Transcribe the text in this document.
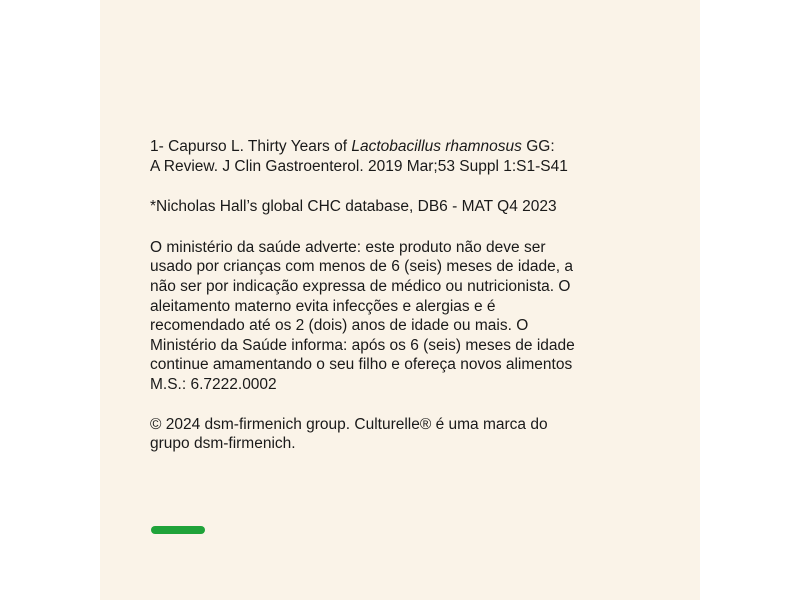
1- Capurso L. Thirty Years of Lactobacillus rhamnosus GG:
A Review. J Clin Gastroenterol. 2019 Mar;53 Suppl 1:S1-S41

*Nicholas Hall’s global CHC database, DB6 - MAT Q4 2023

O ministério da saúde adverte: este produto não deve ser
usado por crianças com menos de 6 (seis) meses de idade, a
não ser por indicação expressa de médico ou nutricionista. O
aleitamento materno evita infecções e alergias e é
recomendado até os 2 (dois) anos de idade ou mais. O
Ministério da Saúde informa: após os 6 (seis) meses de idade
continue amamentando o seu filho e ofereça novos alimentos
M.S.: 6.7222.0002

© 2024 dsm-firmenich group. Culturelle® é uma marca do
grupo dsm-firmenich.
